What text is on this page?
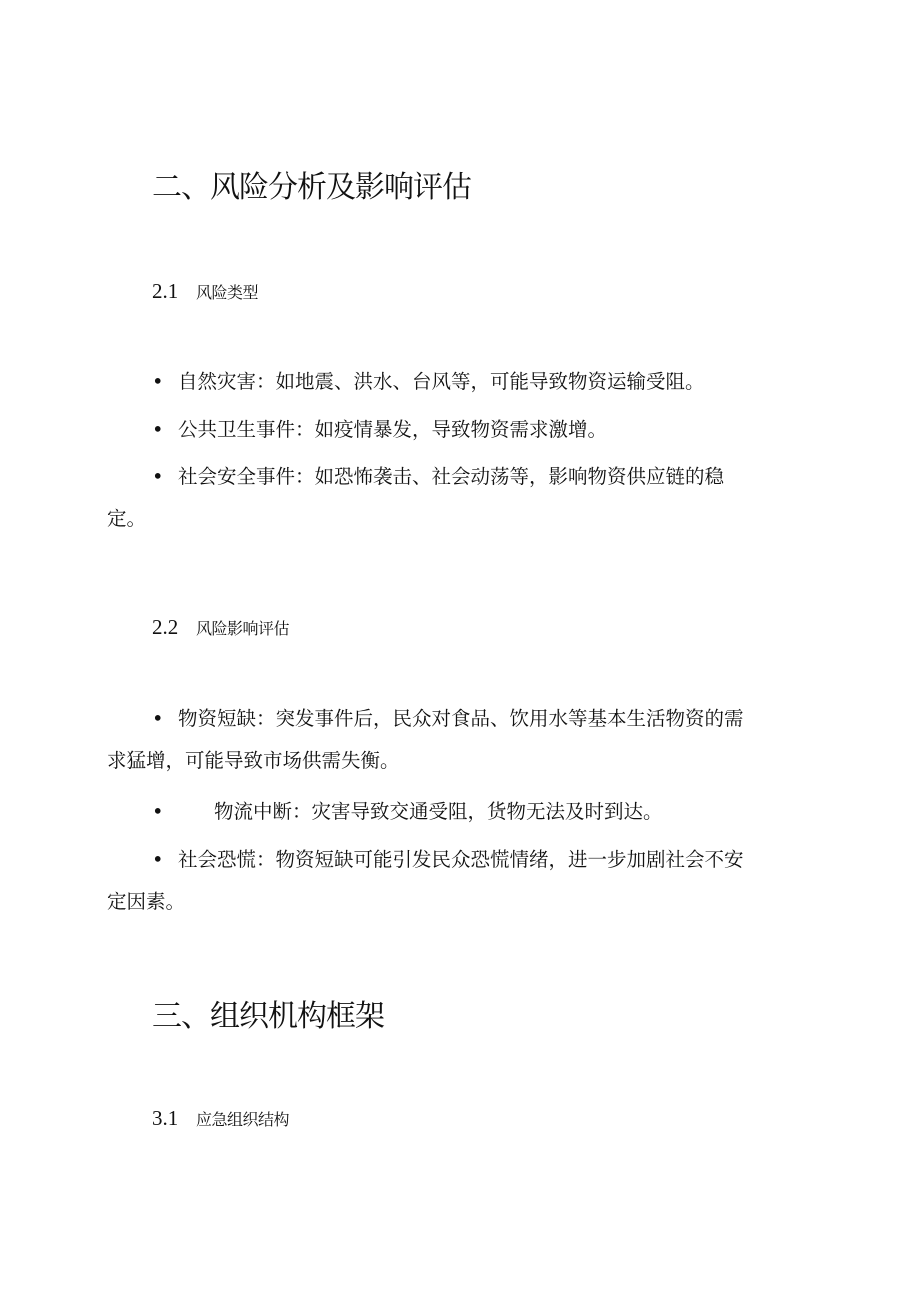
二、风险分析及影响评估
2.1 风险类型
• 自然灾害：如地震、洪水、台风等，可能导致物资运输受阻。
• 公共卫生事件：如疫情暴发，导致物资需求激增。
• 社会安全事件：如恐怖袭击、社会动荡等，影响物资供应链的稳
定。
2.2 风险影响评估
• 物资短缺：突发事件后，民众对食品、饮用水等基本生活物资的需
求猛增，可能导致市场供需失衡。
•	物流中断：灾害导致交通受阻，货物无法及时到达。
• 社会恐慌：物资短缺可能引发民众恐慌情绪，进一步加剧社会不安
定因素。
三、组织机构框架
3.1 应急组织结构
